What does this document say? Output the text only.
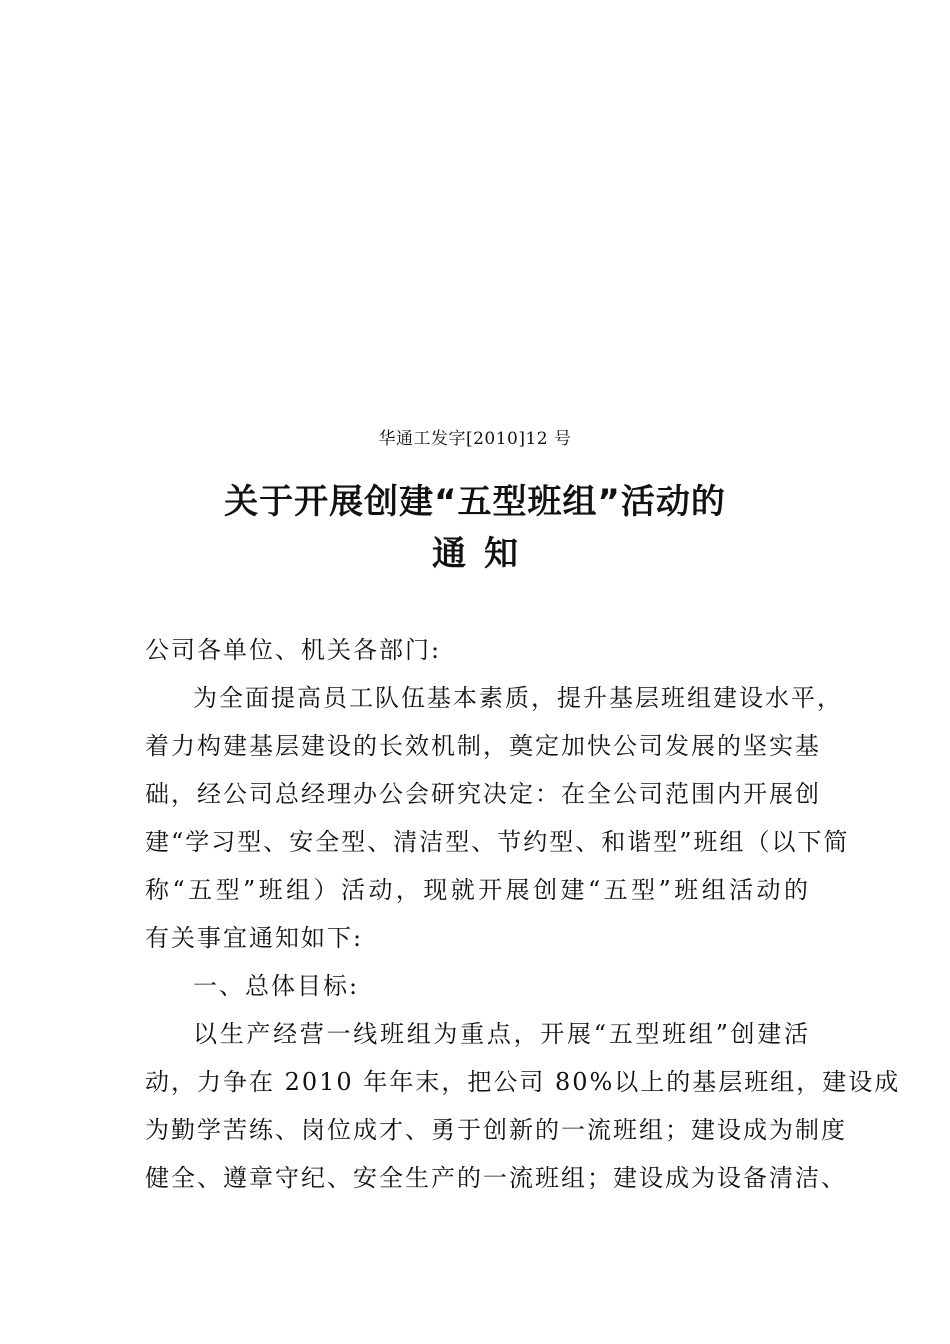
华通工发字[2010]12 号
关于开展创建“五型班组”活动的
通知
公司各单位、机关各部门:
为全面提高员工队伍基本素质，提升基层班组建设水平，
着力构建基层建设的长效机制，奠定加快公司发展的坚实基
础，经公司总经理办公会研究决定：在全公司范围内开展创
建“学习型、安全型、清洁型、节约型、和谐型”班组（以下简
称“五型”班组）活动，现就开展创建“五型”班组活动的
有关事宜通知如下:
一、总体目标:
以生产经营一线班组为重点，开展“五型班组”创建活
动，力争在 2010 年年末，把公司 80%以上的基层班组，建设成
为勤学苦练、岗位成才、勇于创新的一流班组；建设成为制度
健全、遵章守纪、安全生产的一流班组；建设成为设备清洁、
